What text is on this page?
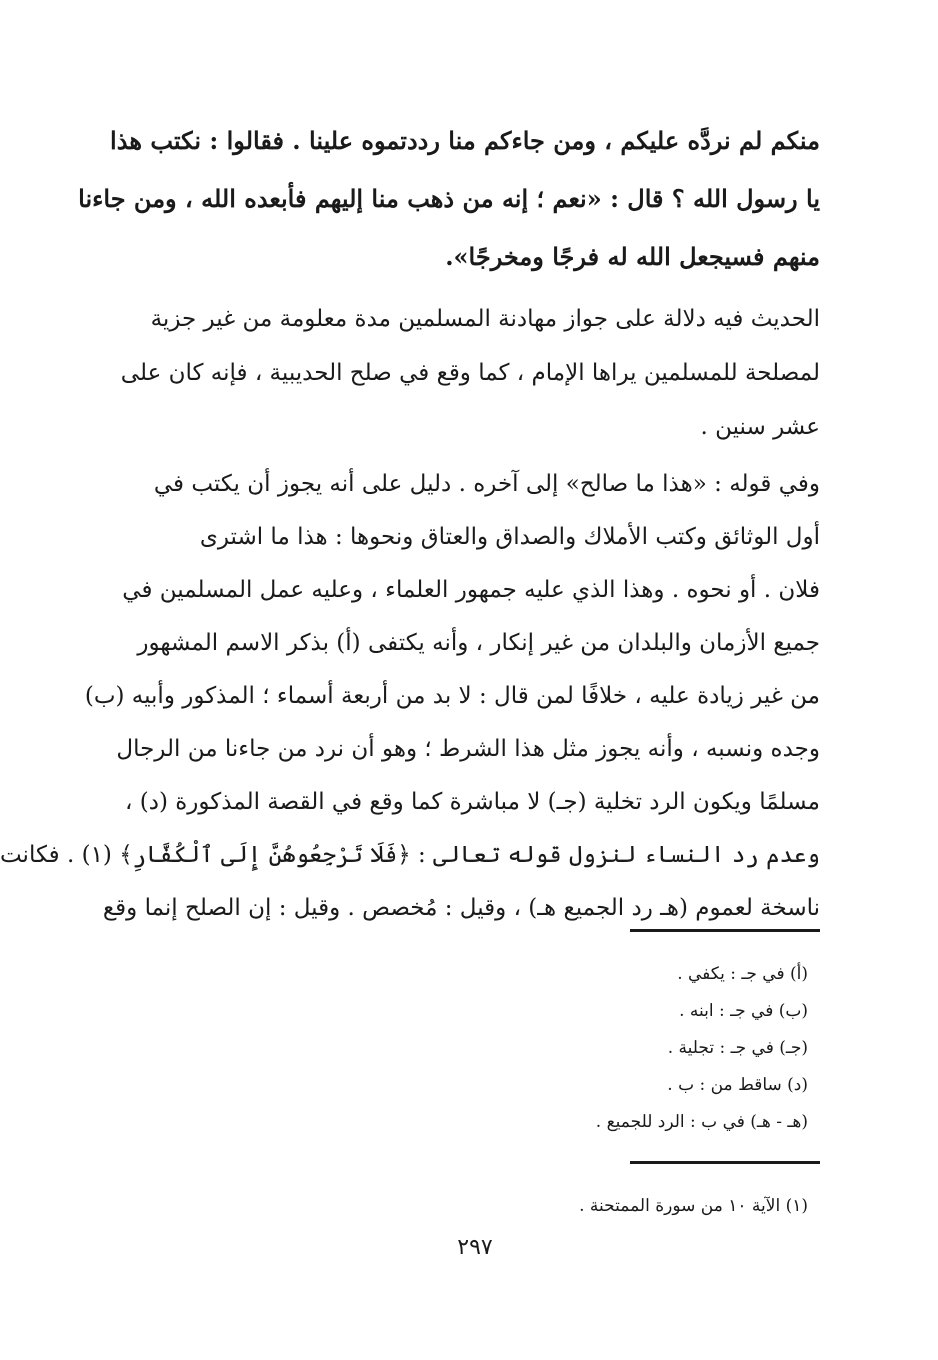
منكم لم نردَّه عليكم ، ومن جاءكم منا رددتموه علينا . فقالوا : نكتب هذا
يا رسول الله ؟ قال : «نعم ؛ إنه من ذهب منا إليهم فأبعده الله ، ومن جاءنا
منهم فسيجعل الله له فرجًا ومخرجًا».
الحديث فيه دلالة على جواز مهادنة المسلمين مدة معلومة من غير جزية
لمصلحة للمسلمين يراها الإمام ، كما وقع في صلح الحديبية ، فإنه كان على
عشر سنين .
وفي قوله : «هذا ما صالح» إلى آخره . دليل على أنه يجوز أن يكتب في
أول الوثائق وكتب الأملاك والصداق والعتاق ونحوها : هذا ما اشترى
فلان . أو نحوه . وهذا الذي عليه جمهور العلماء ، وعليه عمل المسلمين في
جميع الأزمان والبلدان من غير إنكار ، وأنه يكتفى (أ) بذكر الاسم المشهور
من غير زيادة عليه ، خلافًا لمن قال : لا بد من أربعة أسماء ؛ المذكور وأبيه (ب)
وجده ونسبه ، وأنه يجوز مثل هذا الشرط ؛ وهو أن نرد من جاءنا من الرجال
مسلمًا ويكون الرد تخلية (جـ) لا مباشرة كما وقع في القصة المذكورة (د) ،
وعدم رد النساء لنزول قوله تعالى : ﴿فَلَا تَرْجِعُوهُنَّ إِلَى ٱلْكُفَّارِ﴾ (١) . فكانت
ناسخة لعموم (هـ رد الجميع هـ) ، وقيل : مُخصص . وقيل : إن الصلح إنما وقع
(أ) في جـ : يكفي .
(ب) في جـ : ابنه .
(جـ) في جـ : تجلية .
(د) ساقط من : ب .
(هـ - هـ) في ب : الرد للجميع .
(١) الآية ١٠ من سورة الممتحنة .
٢٩٧
